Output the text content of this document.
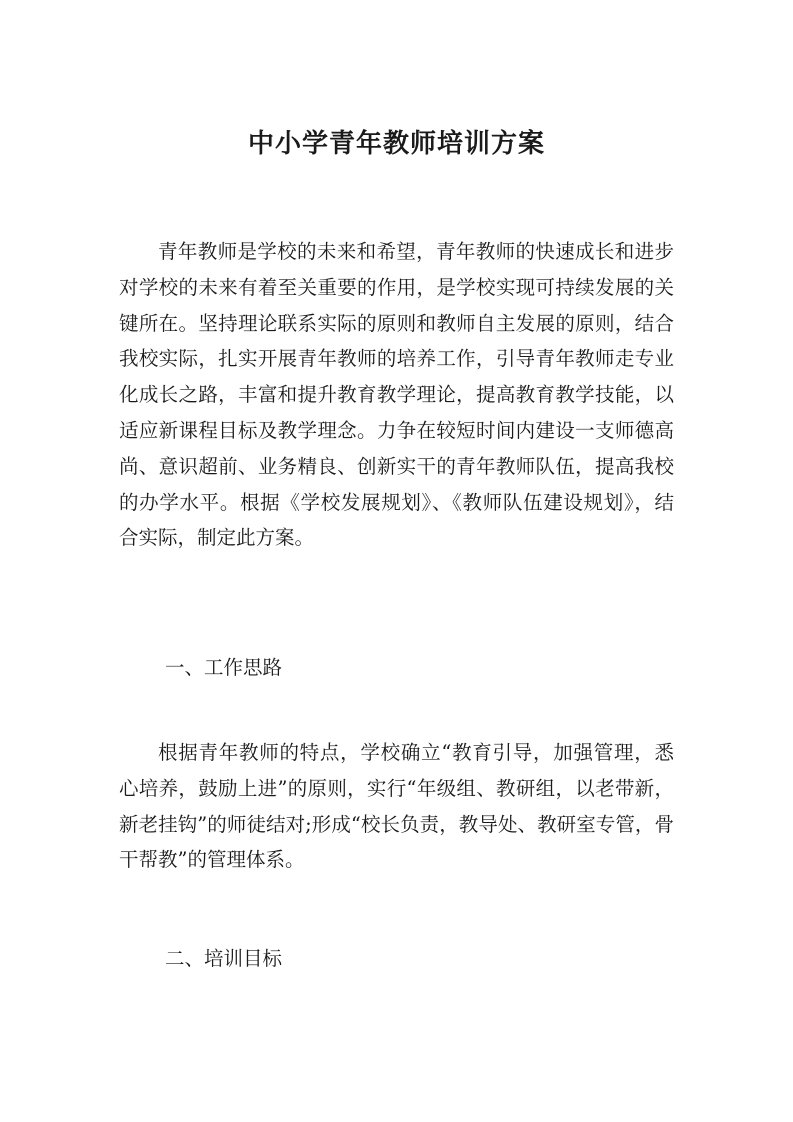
中小学青年教师培训方案

青年教师是学校的未来和希望，青年教师的快速成长和进步对学校的未来有着至关重要的作用，是学校实现可持续发展的关键所在。坚持理论联系实际的原则和教师自主发展的原则，结合我校实际，扎实开展青年教师的培养工作，引导青年教师走专业化成长之路，丰富和提升教育教学理论，提高教育教学技能，以适应新课程目标及教学理念。力争在较短时间内建设一支师德高尚、意识超前、业务精良、创新实干的青年教师队伍，提高我校的办学水平。根据《学校发展规划》、《教师队伍建设规划》，结合实际，制定此方案。

一、工作思路

根据青年教师的特点，学校确立“教育引导，加强管理，悉心培养，鼓励上进”的原则，实行“年级组、教研组，以老带新，新老挂钩”的师徒结对;形成“校长负责，教导处、教研室专管，骨干帮教”的管理体系。

二、培训目标
